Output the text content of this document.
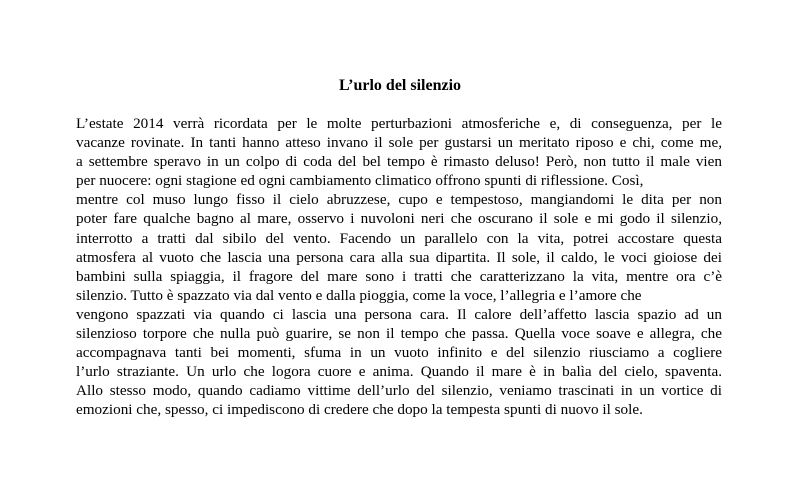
L’urlo del silenzio
L’estate 2014 verrà ricordata per le molte perturbazioni atmosferiche e, di conseguenza, per le
vacanze rovinate. In tanti hanno atteso invano il sole per gustarsi un meritato riposo e chi, come me,
a settembre speravo in un colpo di coda del bel tempo è rimasto deluso! Però, non tutto il male vien
per nuocere: ogni stagione ed ogni cambiamento climatico offrono spunti di riflessione. Così,
mentre col muso lungo fisso il cielo abruzzese, cupo e tempestoso, mangiandomi le dita per non
poter fare qualche bagno al mare, osservo i nuvoloni neri che oscurano il sole e mi godo il silenzio,
interrotto a tratti dal sibilo del vento. Facendo un parallelo con la vita, potrei accostare questa
atmosfera al vuoto che lascia una persona cara alla sua dipartita. Il sole, il caldo, le voci gioiose dei
bambini sulla spiaggia, il fragore del mare sono i tratti che caratterizzano la vita, mentre ora c’è
silenzio. Tutto è spazzato via dal vento e dalla pioggia, come la voce, l’allegria e l’amore che
vengono spazzati via quando ci lascia una persona cara. Il calore dell’affetto lascia spazio ad un
silenzioso torpore che nulla può guarire, se non il tempo che passa. Quella voce soave e allegra, che
accompagnava tanti bei momenti, sfuma in un vuoto infinito e del silenzio riusciamo a cogliere
l’urlo straziante. Un urlo che logora cuore e anima. Quando il mare è in balìa del cielo, spaventa.
Allo stesso modo, quando cadiamo vittime dell’urlo del silenzio, veniamo trascinati in un vortice di
emozioni che, spesso, ci impediscono di credere che dopo la tempesta spunti di nuovo il sole.
